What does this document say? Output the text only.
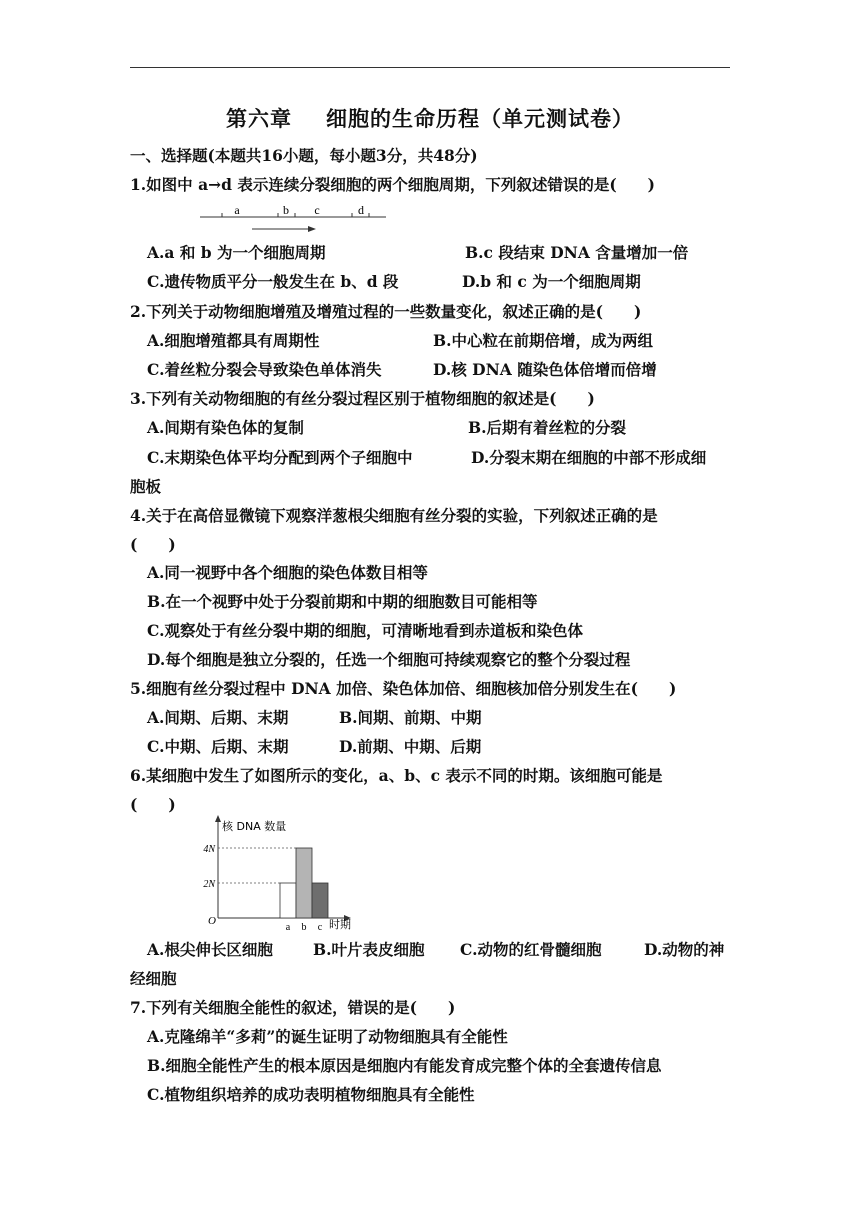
第六章 细胞的生命历程（单元测试卷）
一、选择题(本题共16小题，每小题3分，共48分)
1.如图中 a→d 表示连续分裂细胞的两个细胞周期，下列叙述错误的是(　　)
a	b c	d
A.a 和 b 为一个细胞周期	B.c 段结束 DNA 含量增加一倍
C.遗传物质平分一般发生在 b、d 段	D.b 和 c 为一个细胞周期
2.下列关于动物细胞增殖及增殖过程的一些数量变化，叙述正确的是(　　)
A.细胞增殖都具有周期性	B.中心粒在前期倍增，成为两组
C.着丝粒分裂会导致染色单体消失	D.核 DNA 随染色体倍增而倍增
3.下列有关动物细胞的有丝分裂过程区别于植物细胞的叙述是(　　)
A.间期有染色体的复制	B.后期有着丝粒的分裂
C.末期染色体平均分配到两个子细胞中	D.分裂末期在细胞的中部不形成细
胞板
4.关于在高倍显微镜下观察洋葱根尖细胞有丝分裂的实验，下列叙述正确的是
(　　)
A.同一视野中各个细胞的染色体数目相等
B.在一个视野中处于分裂前期和中期的细胞数目可能相等
C.观察处于有丝分裂中期的细胞，可清晰地看到赤道板和染色体
D.每个细胞是独立分裂的，任选一个细胞可持续观察它的整个分裂过程
5.细胞有丝分裂过程中 DNA 加倍、染色体加倍、细胞核加倍分别发生在(　　)
A.间期、后期、末期	B.间期、前期、中期
C.中期、后期、末期	D.前期、中期、后期
6.某细胞中发生了如图所示的变化，a、b、c 表示不同的时期。该细胞可能是
(　　)
核 DNA 数量
时期
O
2N
4N
a b c
A.根尖伸长区细胞	B.叶片表皮细胞 C.动物的红骨髓细胞	D.动物的神
经细胞
7.下列有关细胞全能性的叙述，错误的是(　　)
A.克隆绵羊“多莉”的诞生证明了动物细胞具有全能性
B.细胞全能性产生的根本原因是细胞内有能发育成完整个体的全套遗传信息
C.植物组织培养的成功表明植物细胞具有全能性
